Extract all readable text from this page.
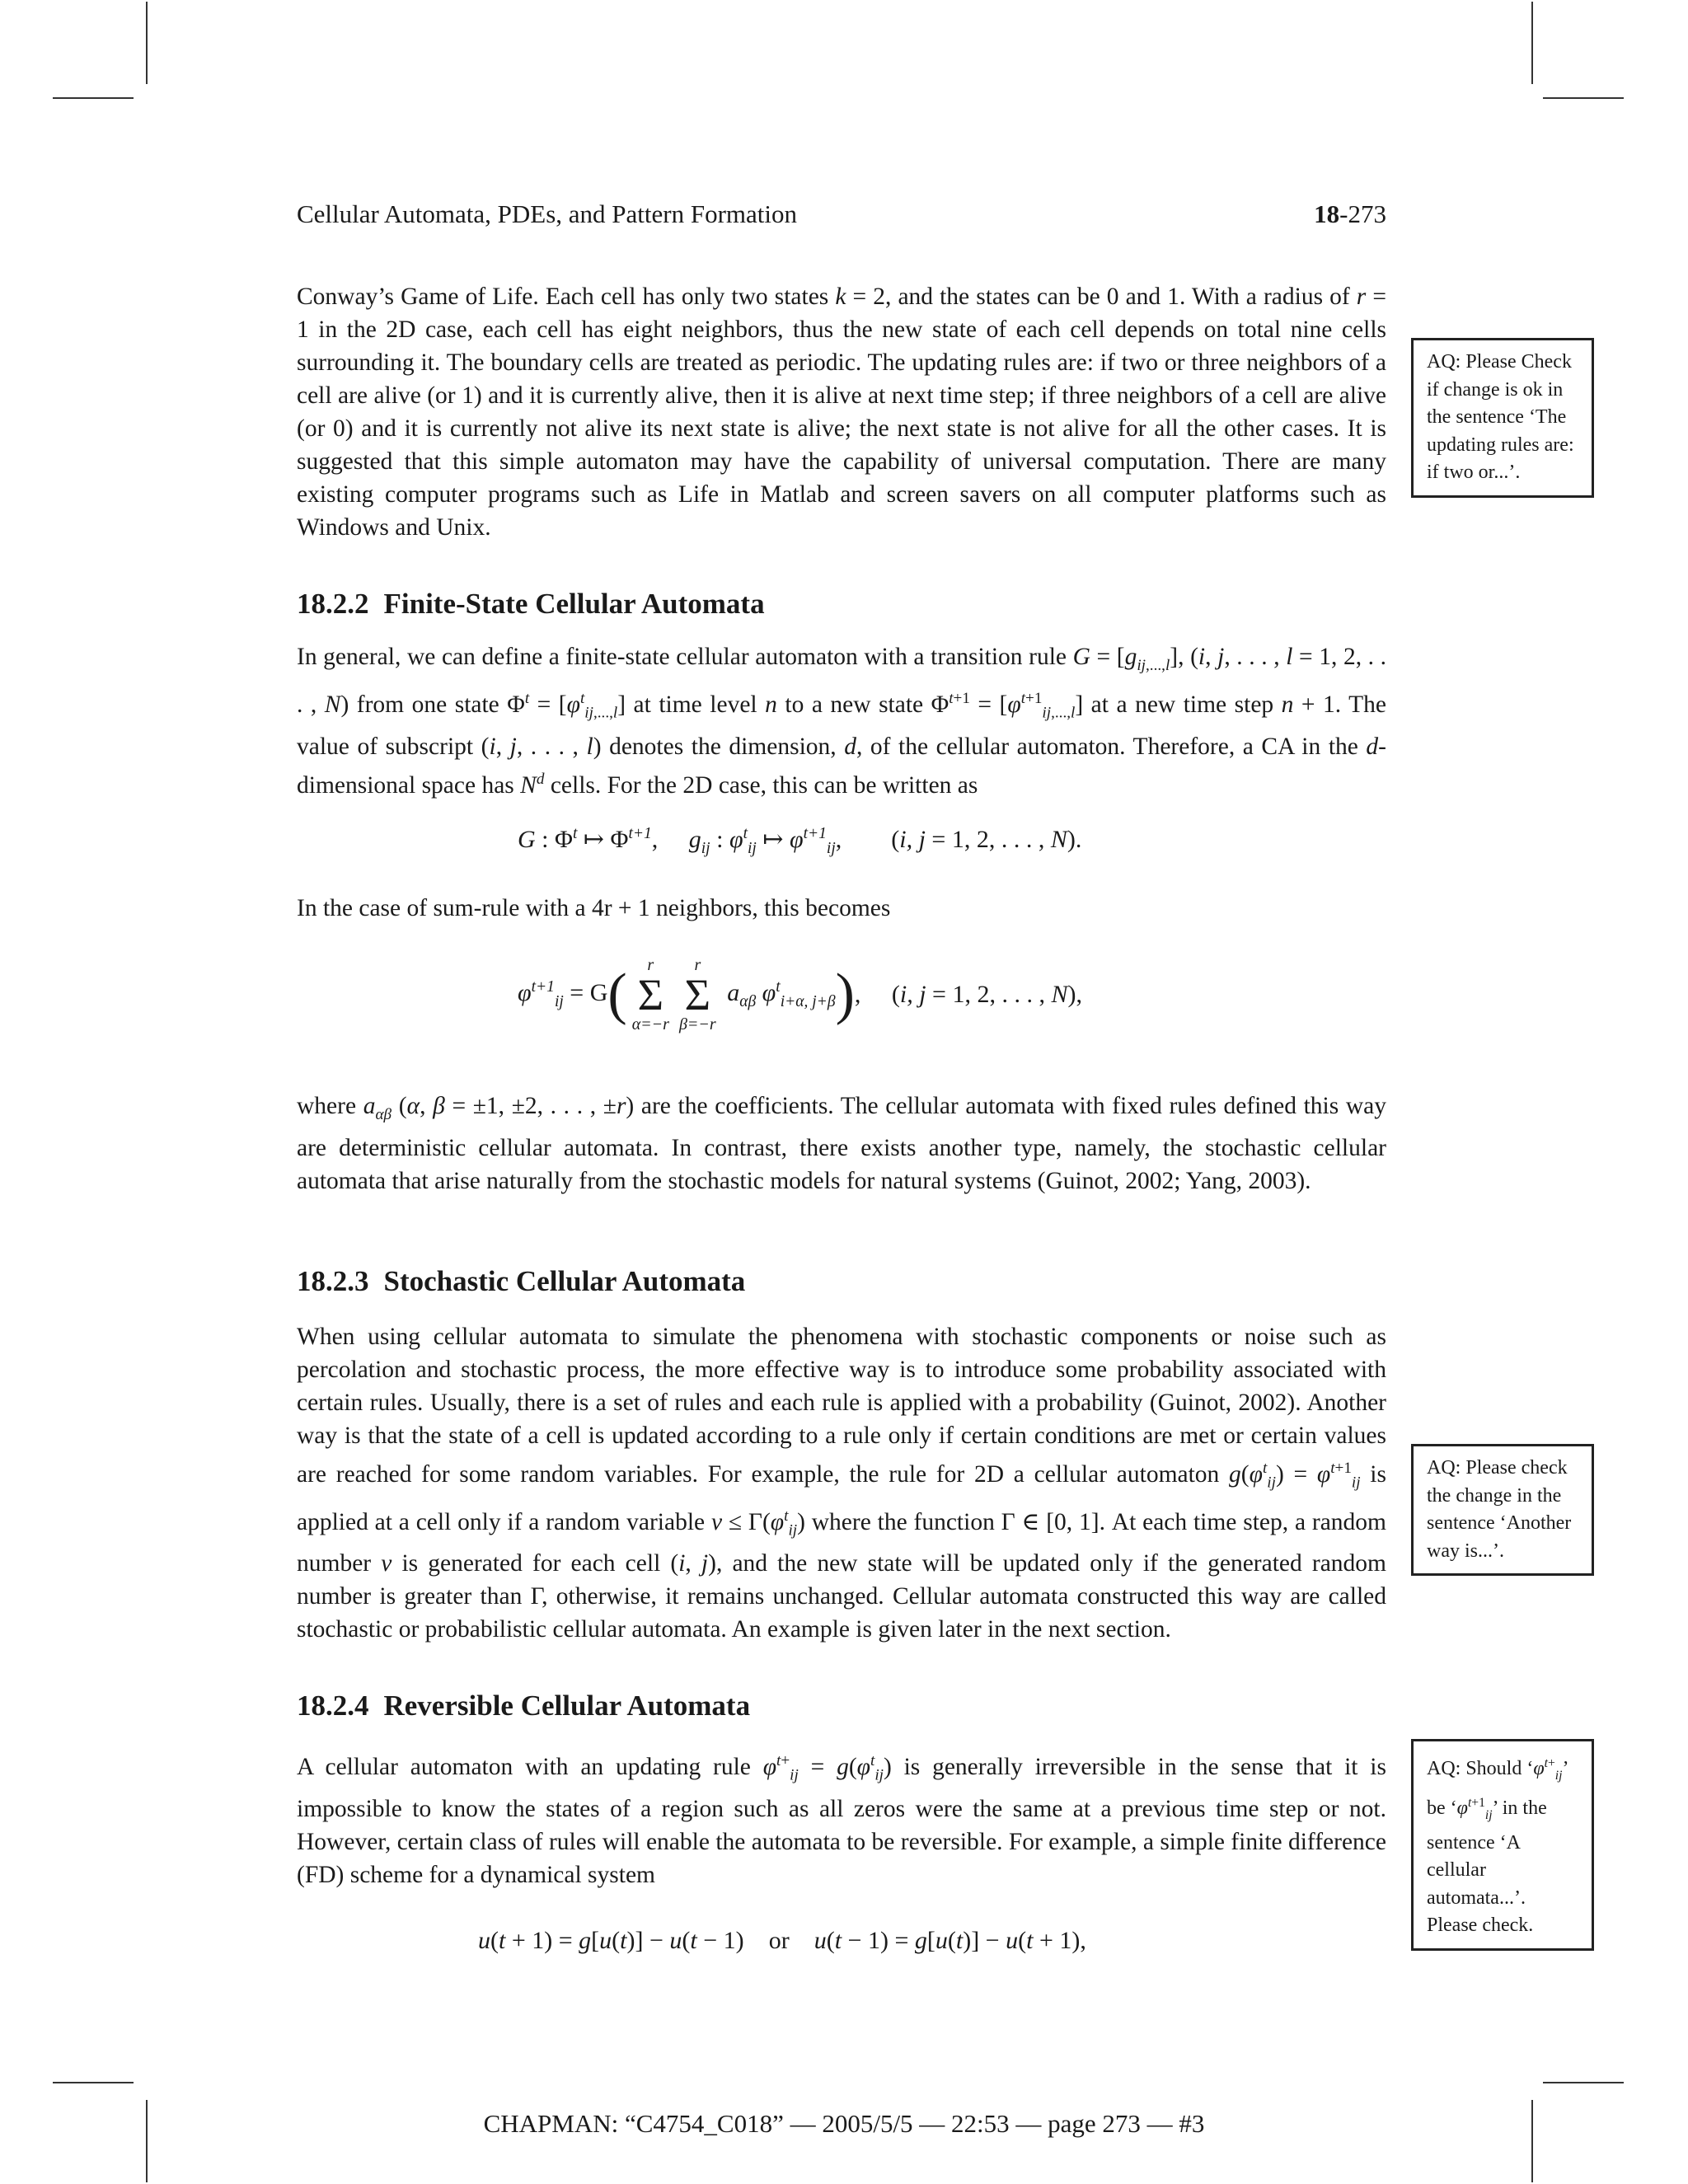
Cellular Automata, PDEs, and Pattern Formation	18-273
Conway’s Game of Life. Each cell has only two states k = 2, and the states can be 0 and 1. With a radius of r = 1 in the 2D case, each cell has eight neighbors, thus the new state of each cell depends on total nine cells surrounding it. The boundary cells are treated as periodic. The updating rules are: if two or three neighbors of a cell are alive (or 1) and it is currently alive, then it is alive at next time step; if three neighbors of a cell are alive (or 0) and it is currently not alive its next state is alive; the next state is not alive for all the other cases. It is suggested that this simple automaton may have the capability of universal computation. There are many existing computer programs such as Life in Matlab and screen savers on all computer platforms such as Windows and Unix.
AQ: Please Check if change is ok in the sentence ‘The updating rules are: if two or...’.
18.2.2 Finite-State Cellular Automata
In general, we can define a finite-state cellular automaton with a transition rule $G = [g_{ij,...,l}]$, (i, j, . . . , l = 1, 2, . . . , N) from one state $\Phi^t = [\varphi^t_{ij,...,l}]$ at time level n to a new state $\Phi^{t+1} = [\varphi^{t+1}_{ij,...,l}]$ at a new time step n + 1. The value of subscript (i, j, . . . , l) denotes the dimension, d, of the cellular automaton. Therefore, a CA in the d-dimensional space has $N^d$ cells. For the 2D case, this can be written as
G : $\Phi^t$ ↦ $\Phi^{t+1}$,     $g_{ij}$ : $\varphi^t_{ij}$ ↦ $\varphi^{t+1}_{ij}$, (i, j = 1, 2, . . . , N).
In the case of sum-rule with a 4r + 1 neighbors, this becomes
$\varphi^{t+1}_{ij} = G$(	r
Σ
α=−r
r
Σ
β=−r
$a_{\alpha\beta}$ $\varphi^t_{i+\alpha, j+\beta}$), (i, j = 1, 2, . . . , N),
where $a_{\alpha\beta}$ (α, β = ±1, ±2, . . . , ±r) are the coefficients. The cellular automata with fixed rules defined this way are deterministic cellular automata. In contrast, there exists another type, namely, the stochastic cellular automata that arise naturally from the stochastic models for natural systems (Guinot, 2002; Yang, 2003).
18.2.3 Stochastic Cellular Automata
When using cellular automata to simulate the phenomena with stochastic components or noise such as percolation and stochastic process, the more effective way is to introduce some probability associated with certain rules. Usually, there is a set of rules and each rule is applied with a probability (Guinot, 2002). Another way is that the state of a cell is updated according to a rule only if certain conditions are met or certain values are reached for some random variables. For example, the rule for 2D a cellular automaton $g(\varphi^t_{ij}) = \varphi^{t+1}_{ij}$ is applied at a cell only if a random variable $v \le \Gamma(\varphi^t_{ij})$ where the function Γ ∈ [0, 1]. At each time step, a random number v is generated for each cell (i, j), and the new state will be updated only if the generated random number is greater than Γ, otherwise, it remains unchanged. Cellular automata constructed this way are called stochastic or probabilistic cellular automata. An example is given later in the next section.
AQ: Please check the change in the sentence ‘Another way is...’.
18.2.4 Reversible Cellular Automata
A cellular automaton with an updating rule $\varphi^{t+}_{ij} = g(\varphi^t_{ij})$ is generally irreversible in the sense that it is impossible to know the states of a region such as all zeros were the same at a previous time step or not. However, certain class of rules will enable the automata to be reversible. For example, a simple finite difference (FD) scheme for a dynamical system
AQ: Should ‘$\varphi^{t+}_{ij}$’ be ‘$\varphi^{t+1}_{ij}$’ in the sentence ‘A cellular automata...’. Please check.
u(t + 1) = g[u(t)] − u(t − 1) or    u(t − 1) = g[u(t)] − u(t + 1),
CHAPMAN: “C4754_C018” — 2005/5/5 — 22:53 — page 273 — #3
